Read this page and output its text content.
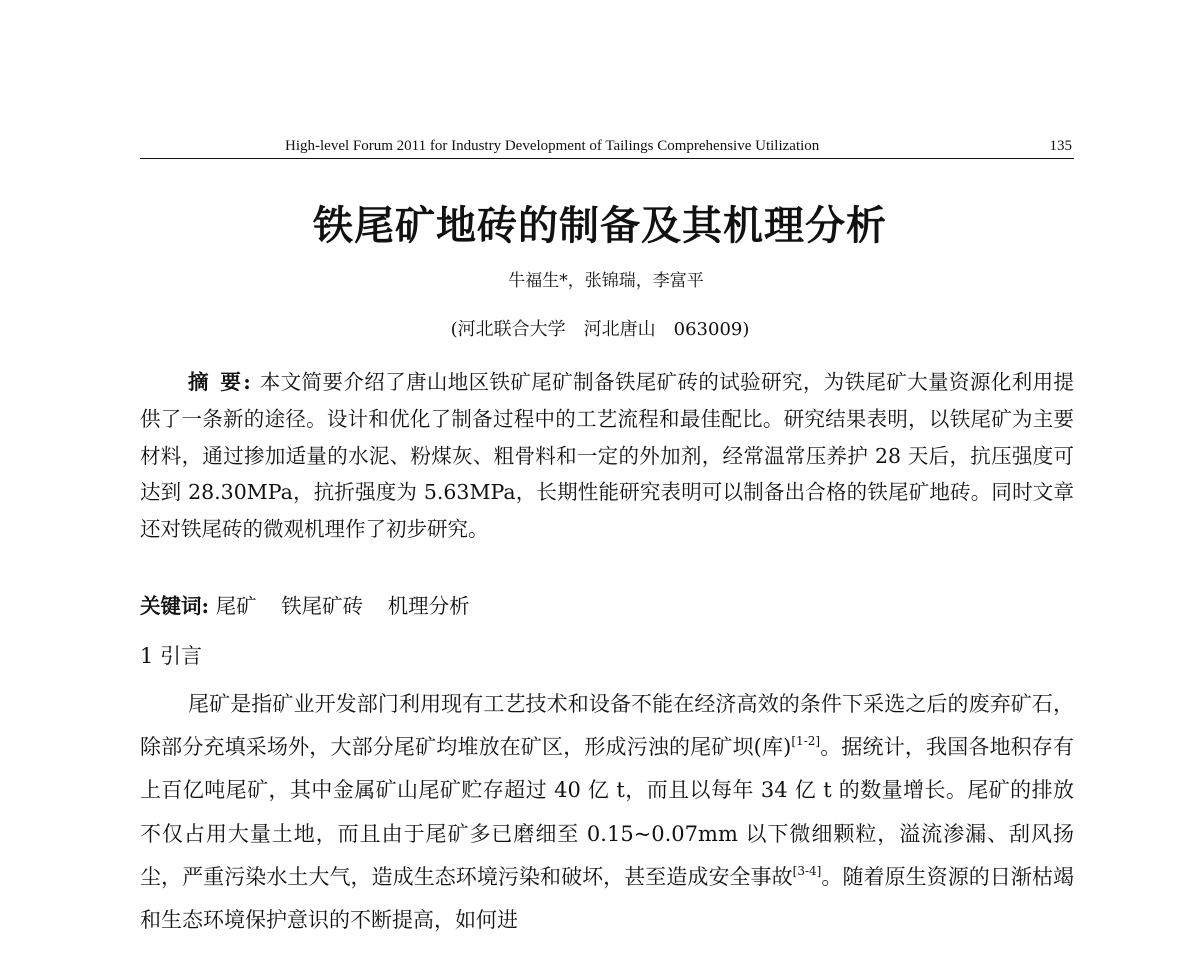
High-level Forum 2011 for Industry Development of Tailings Comprehensive Utilization	135
铁尾矿地砖的制备及其机理分析
牛福生*，张锦瑞，李富平
(河北联合大学　河北唐山　063009)

摘 要: 本文简要介绍了唐山地区铁矿尾矿制备铁尾矿砖的试验研究，为铁尾矿大量资源化利用提供了一条新的途径。设计和优化了制备过程中的工艺流程和最佳配比。研究结果表明，以铁尾矿为主要材料，通过掺加适量的水泥、粉煤灰、粗骨料和一定的外加剂，经常温常压养护 28 天后，抗压强度可达到 28.30MPa，抗折强度为 5.63MPa，长期性能研究表明可以制备出合格的铁尾矿地砖。同时文章还对铁尾砖的微观机理作了初步研究。

关键词: 尾矿 铁尾矿砖 机理分析
1 引言

尾矿是指矿业开发部门利用现有工艺技术和设备不能在经济高效的条件下采选之后的废弃矿石，除部分充填采场外，大部分尾矿均堆放在矿区，形成污浊的尾矿坝(库)[1-2]。据统计，我国各地积存有上百亿吨尾矿，其中金属矿山尾矿贮存超过 40 亿 t，而且以每年 34 亿 t 的数量增长。尾矿的排放不仅占用大量土地，而且由于尾矿多已磨细至 0.15~0.07mm 以下微细颗粒，溢流渗漏、刮风扬尘，严重污染水土大气，造成生态环境污染和破坏，甚至造成安全事故[3-4]。随着原生资源的日渐枯竭和生态环境保护意识的不断提高，如何进
